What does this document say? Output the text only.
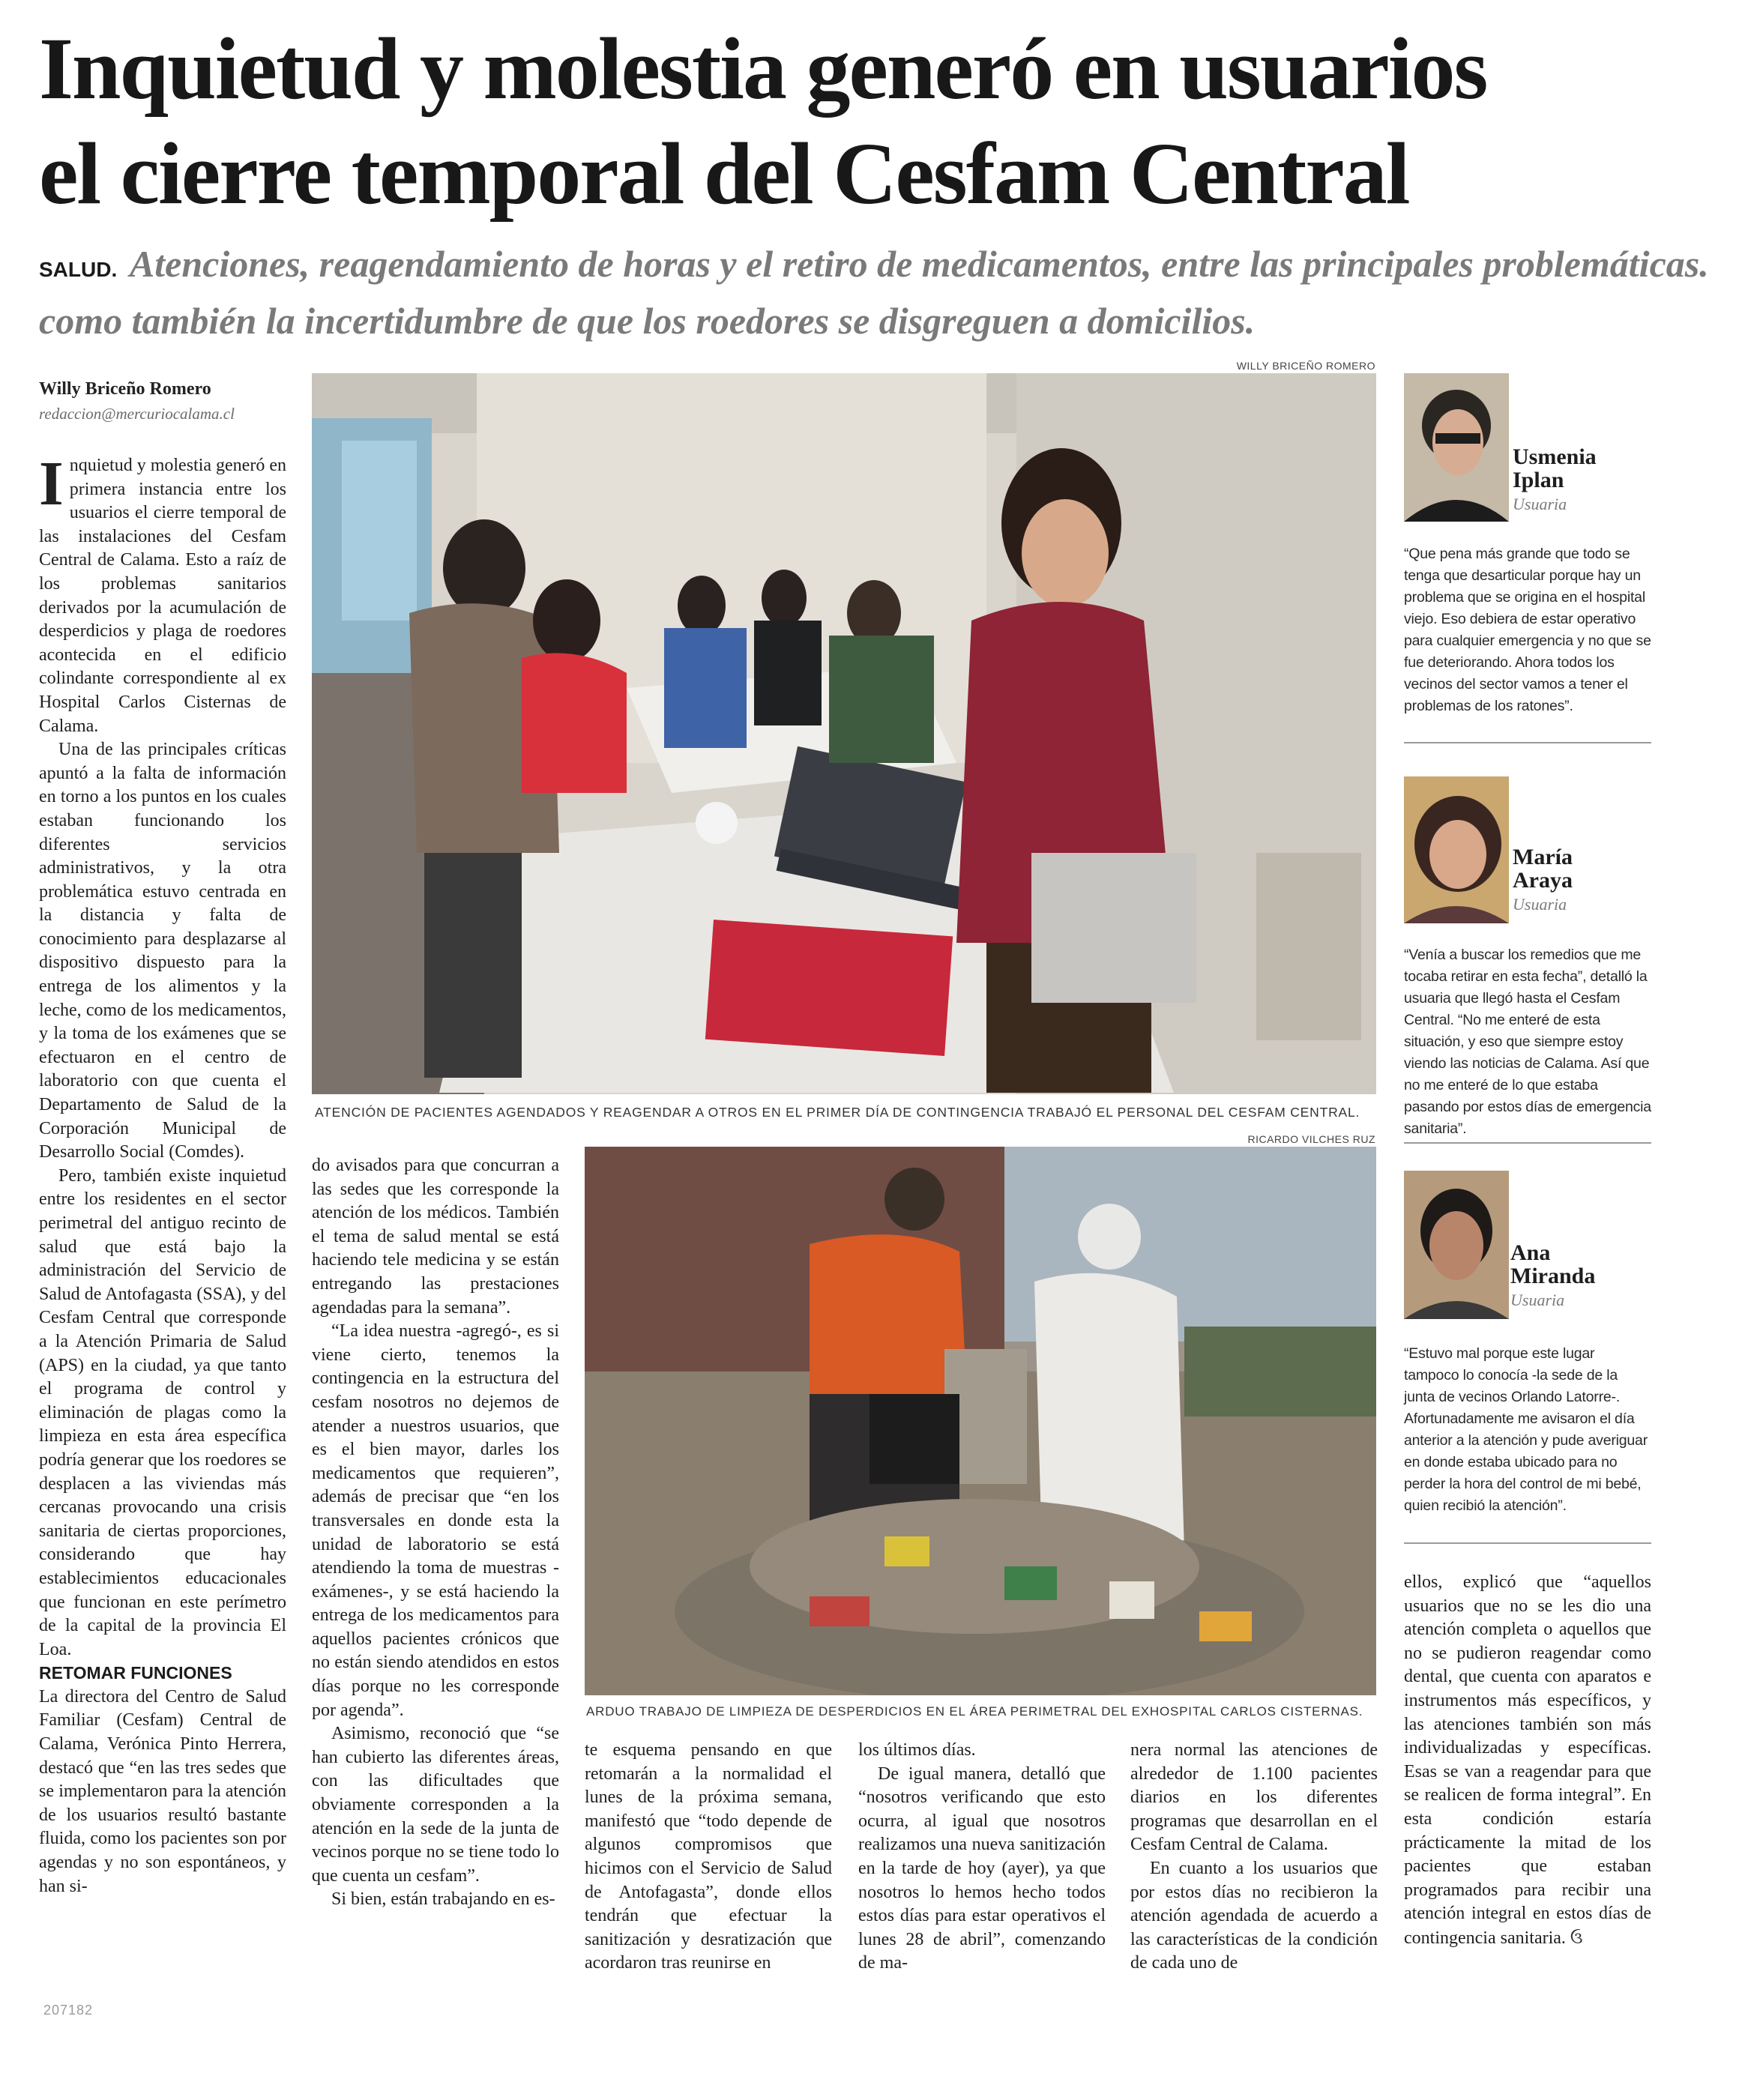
Inquietud y molestia generó en usuarios
el cierre temporal del Cesfam Central
SALUD. Atenciones, reagendamiento de horas y el retiro de medicamentos, entre las principales problemáticas. como también la incertidumbre de que los roedores se disgreguen a domicilios.
Willy Briceño Romero
redaccion@mercuriocalama.cl

Inquietud y molestia generó en primera instancia entre los usuarios el cierre temporal de las instalaciones del Cesfam Central de Calama. Esto a raíz de los problemas sanitarios derivados por la acumulación de desperdicios y plaga de roedores acontecida en el edificio colindante correspondiente al ex Hospital Carlos Cisternas de Calama.

Una de las principales críticas apuntó a la falta de información en torno a los puntos en los cuales estaban funcionando los diferentes servicios administrativos, y la otra problemática estuvo centrada en la distancia y falta de conocimiento para desplazarse al dispositivo dispuesto para la entrega de los alimentos y la leche, como de los medicamentos, y la toma de los exámenes que se efectuaron en el centro de laboratorio con que cuenta el Departamento de Salud de la Corporación Municipal de Desarrollo Social (Comdes).

Pero, también existe inquietud entre los residentes en el sector perimetral del antiguo recinto de salud que está bajo la administración del Servicio de Salud de Antofagasta (SSA), y del Cesfam Central que corresponde a la Atención Primaria de Salud (APS) en la ciudad, ya que tanto el programa de control y eliminación de plagas como la limpieza en esta área específica podría generar que los roedores se desplacen a las viviendas más cercanas provocando una crisis sanitaria de ciertas proporciones, considerando que hay establecimientos educacionales que funcionan en este perímetro de la capital de la provincia El Loa.

RETOMAR FUNCIONES

La directora del Centro de Salud Familiar (Cesfam) Central de Calama, Verónica Pinto Herrera, destacó que “en las tres sedes que se implementaron para la atención de los usuarios resultó bastante fluida, como los pacientes son por agendas y no son espontáneos, y han si-

WILLY BRICEÑO ROMERO
ATENCIÓN DE PACIENTES AGENDADOS Y REAGENDAR A OTROS EN EL PRIMER DÍA DE CONTINGENCIA TRABAJÓ EL PERSONAL DEL CESFAM CENTRAL.

do avisados para que concurran a las sedes que les corresponde la atención de los médicos. También el tema de salud mental se está haciendo tele medicina y se están entregando las prestaciones agendadas para la semana”.

“La idea nuestra -agregó-, es si viene cierto, tenemos la contingencia en la estructura del cesfam nosotros no dejemos de atender a nuestros usuarios, que es el bien mayor, darles los medicamentos que requieren”, además de precisar que “en los transversales en donde esta la unidad de laboratorio se está atendiendo la toma de muestras -exámenes-, y se está haciendo la entrega de los medicamentos para aquellos pacientes crónicos que no están siendo atendidos en estos días porque no les corresponde por agenda”.

Asimismo, reconoció que “se han cubierto las diferentes áreas, con las dificultades que obviamente corresponden a la atención en la sede de la junta de vecinos porque no se tiene todo lo que cuenta un cesfam”.

Si bien, están trabajando en es-

RICARDO VILCHES RUZ
ARDUO TRABAJO DE LIMPIEZA DE DESPERDICIOS EN EL ÁREA PERIMETRAL DEL EXHOSPITAL CARLOS CISTERNAS.

te esquema pensando en que retomarán a la normalidad el lunes de la próxima semana, manifestó que “todo depende de algunos compromisos que hicimos con el Servicio de Salud de Antofagasta”, donde ellos tendrán que efectuar la sanitización y desratización que acordaron tras reunirse en

los últimos días.

De igual manera, detalló que “nosotros verificando que esto ocurra, al igual que nosotros realizamos una nueva sanitización en la tarde de hoy (ayer), ya que nosotros lo hemos hecho todos estos días para estar operativos el lunes 28 de abril”, comenzando de ma-

nera normal las atenciones de alrededor de 1.100 pacientes diarios en los diferentes programas que desarrollan en el Cesfam Central de Calama.

En cuanto a los usuarios que por estos días no recibieron la atención agendada de acuerdo a las características de la condición de cada uno de

Usmenia
Iplan
Usuaria
“Que pena más grande que todo se tenga que desarticular porque hay un problema que se origina en el hospital viejo. Eso debiera de estar operativo para cualquier emergencia y no que se fue deteriorando. Ahora todos los vecinos del sector vamos a tener el problemas de los ratones”.
María
Araya
Usuaria
“Venía a buscar los remedios que me tocaba retirar en esta fecha”, detalló la usuaria que llegó hasta el Cesfam Central. “No me enteré de esta situación, y eso que siempre estoy viendo las noticias de Calama. Así que no me enteré de lo que estaba pasando por estos días de emergencia sanitaria”.
Ana
Miranda
Usuaria
“Estuvo mal porque este lugar tampoco lo conocía -la sede de la junta de vecinos Orlando Latorre-. Afortunadamente me avisaron el día anterior a la atención y pude averiguar en donde estaba ubicado para no perder la hora del control de mi bebé, quien recibió la atención”.

ellos, explicó que “aquellos usuarios que no se les dio una atención completa o aquellos que no se pudieron reagendar como dental, que cuenta con aparatos e instrumentos más específicos, y las atenciones también son más individualizadas y específicas. Esas se van a reagendar para que se realicen de forma integral”. En esta condición estaría prácticamente la mitad de los pacientes que estaban programados para recibir una atención integral en estos días de contingencia sanitaria. ઉ

207182
